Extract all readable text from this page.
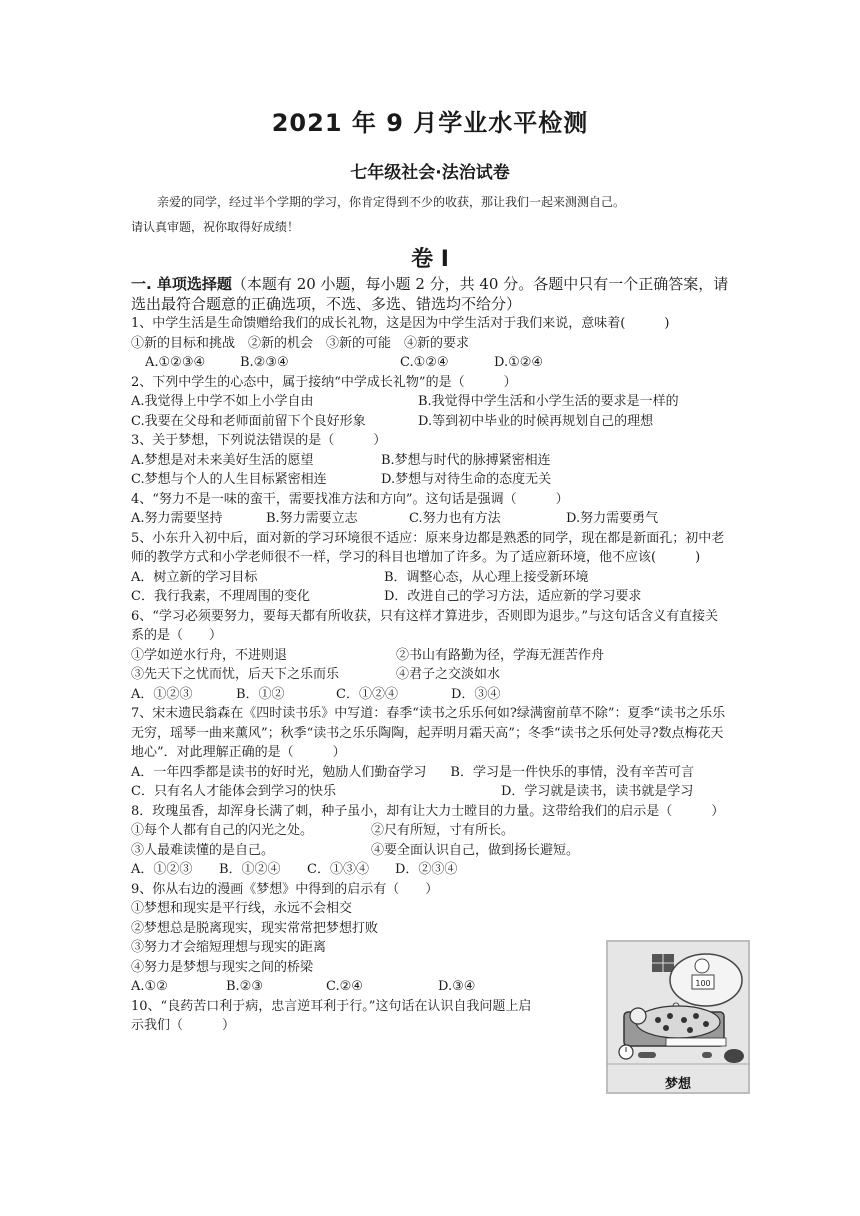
2021 年 9 月学业水平检测
七年级社会·法治试卷
亲爱的同学，经过半个学期的学习，你肯定得到不少的收获，那让我们一起来测测自己。
请认真审题，祝你取得好成绩！
卷 Ⅰ
一. 单项选择题（本题有 20 小题，每小题 2 分，共 40 分。各题中只有一个正确答案，请选出最符合题意的正确选项，不选、多选、错选均不给分）
1、中学生活是生命馈赠给我们的成长礼物，这是因为中学生活对于我们来说，意味着(　　　)
①新的目标和挑战　②新的机会　③新的可能　④新的要求
A.①②③④	B.②③④	C.①②④	D.①②④
2、下列中学生的心态中，属于接纳“中学成长礼物”的是（　　　）
A.我觉得上中学不如上小学自由	B.我觉得中学生活和小学生活的要求是一样的
C.我要在父母和老师面前留下个良好形象	D.等到初中毕业的时候再规划自己的理想
3、关于梦想，下列说法错误的是（　　　）
A.梦想是对未来美好生活的愿望	B.梦想与时代的脉搏紧密相连
C.梦想与个人的人生目标紧密相连	D.梦想与对待生命的态度无关
4、“努力不是一味的蛮干，需要找准方法和方向”。这句话是强调（　　　）
A.努力需要坚持	B.努力需要立志	C.努力也有方法	D.努力需要勇气
5、小东升入初中后，面对新的学习环境很不适应：原来身边都是熟悉的同学，现在都是新面孔；初中老师的教学方式和小学老师很不一样，学习的科目也增加了许多。为了适应新环境，他不应该(　　　)
A．树立新的学习目标	B．调整心态，从心理上接受新环境
C．我行我素，不理周围的变化	D．改进自己的学习方法，适应新的学习要求
6、“学习必须要努力，要每天都有所收获，只有这样才算进步，否则即为退步。”与这句话含义有直接关系的是（　　）
①学如逆水行舟，不进则退	②书山有路勤为径，学海无涯苦作舟
③先天下之忧而忧，后天下之乐而乐	④君子之交淡如水
A．①②③	B．①②	C．①②④	D．③④
7、宋末遗民翁森在《四时读书乐》中写道：春季“读书之乐乐何如?绿满窗前草不除”：夏季“读书之乐乐无穷，瑶琴一曲来薰风”；秋季“读书之乐乐陶陶，起弄明月霜天高”；冬季“读书之乐何处寻?数点梅花天地心”．对此理解正确的是（　　　）
A．一年四季都是读书的好时光，勉励人们勤奋学习 B．学习是一件快乐的事情，没有辛苦可言
C．只有名人才能体会到学习的快乐	D．学习就是读书，读书就是学习
8．玫瑰虽香，却浑身长满了刺，种子虽小，却有让大力士瞠目的力量。这带给我们的启示是（　　　）
①每个人都有自己的闪光之处。	②尺有所短，寸有所长。
③人最难读懂的是自己。	④要全面认识自己，做到扬长避短。
A．①②③	B．①②④	C．①③④	D．②③④
9、你从右边的漫画《梦想》中得到的启示有（　　）
①梦想和现实是平行线，永远不会相交
②梦想总是脱离现实，现实常常把梦想打败
③努力才会缩短理想与现实的距离
④努力是梦想与现实之间的桥梁
A.①②	B.②③	C.②④	D.③④
10、“良药苦口利于病，忠言逆耳利于行。”这句话在认识自我问题上启
示我们（　　　）
100
梦想
